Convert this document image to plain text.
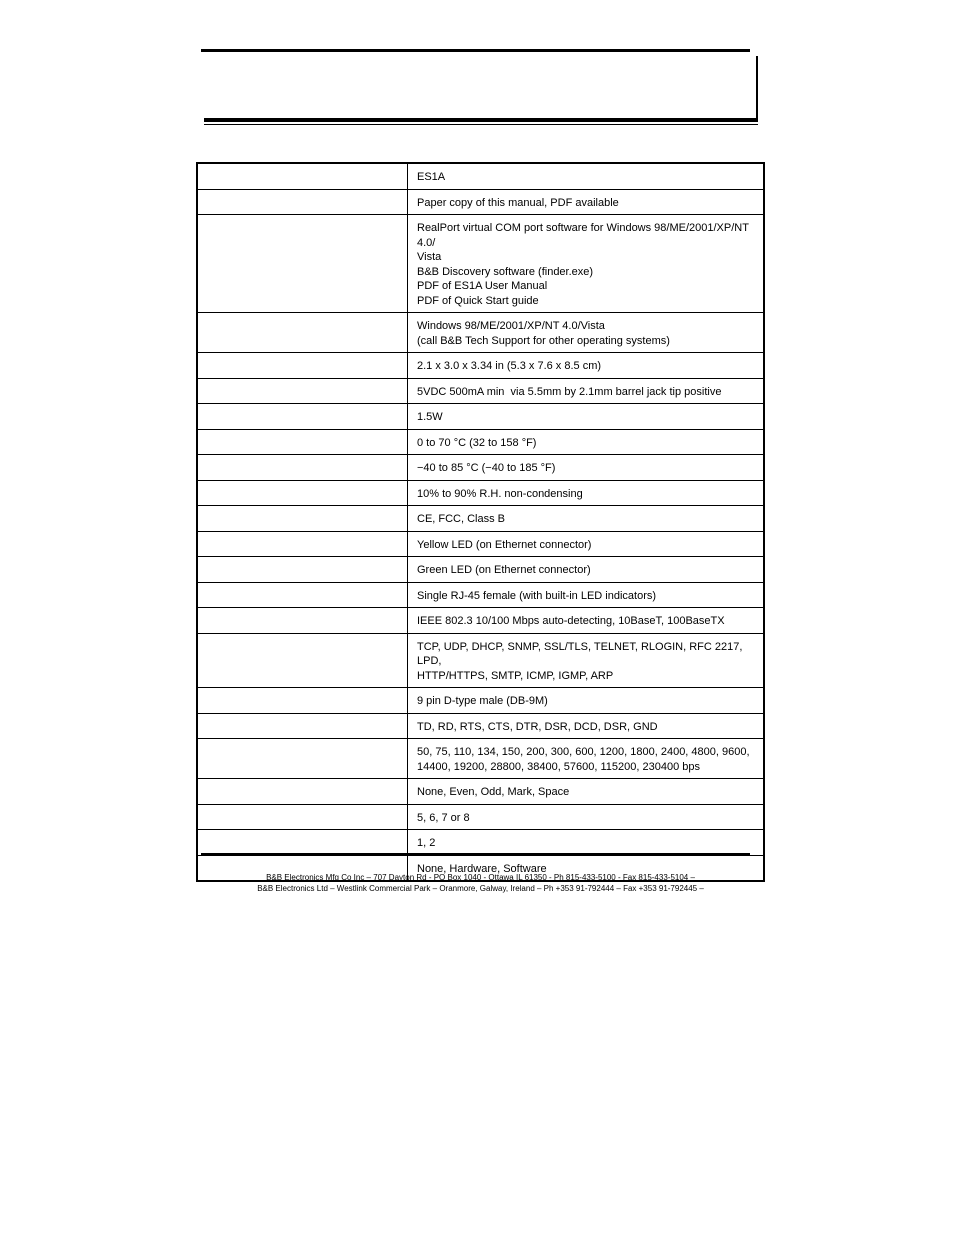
	ES1A

	Paper copy of this manual, PDF available

	RealPort virtual COM port software for Windows 98/ME/2001/XP/NT 4.0/
Vista
B&B Discovery software (finder.exe)
PDF of ES1A User Manual
PDF of Quick Start guide

	Windows 98/ME/2001/XP/NT 4.0/Vista
(call B&B Tech Support for other operating systems)

	2.1 x 3.0 x 3.34 in (5.3 x 7.6 x 8.5 cm)

	5VDC 500mA min  via 5.5mm by 2.1mm barrel jack tip positive

	1.5W

	0 to 70 °C (32 to 158 °F)

	−40 to 85 °C (−40 to 185 °F)

	10% to 90% R.H. non-condensing

	CE, FCC, Class B

	Yellow LED (on Ethernet connector)

	Green LED (on Ethernet connector)

	Single RJ-45 female (with built-in LED indicators)

	IEEE 802.3 10/100 Mbps auto-detecting, 10BaseT, 100BaseTX

	TCP, UDP, DHCP, SNMP, SSL/TLS, TELNET, RLOGIN, RFC 2217, LPD,
HTTP/HTTPS, SMTP, ICMP, IGMP, ARP

	9 pin D-type male (DB-9M)

	TD, RD, RTS, CTS, DTR, DSR, DCD, DSR, GND

	50, 75, 110, 134, 150, 200, 300, 600, 1200, 1800, 2400, 4800, 9600,
14400, 19200, 28800, 38400, 57600, 115200, 230400 bps

	None, Even, Odd, Mark, Space

	5, 6, 7 or 8

	1, 2

	None, Hardware, Software
B&B Electronics Mfg Co Inc – 707 Dayton Rd - PO Box 1040 - Ottawa IL 61350 - Ph 815-433-5100 - Fax 815-433-5104 –
B&B Electronics Ltd – Westlink Commercial Park – Oranmore, Galway, Ireland – Ph +353 91-792444 – Fax +353 91-792445 –
